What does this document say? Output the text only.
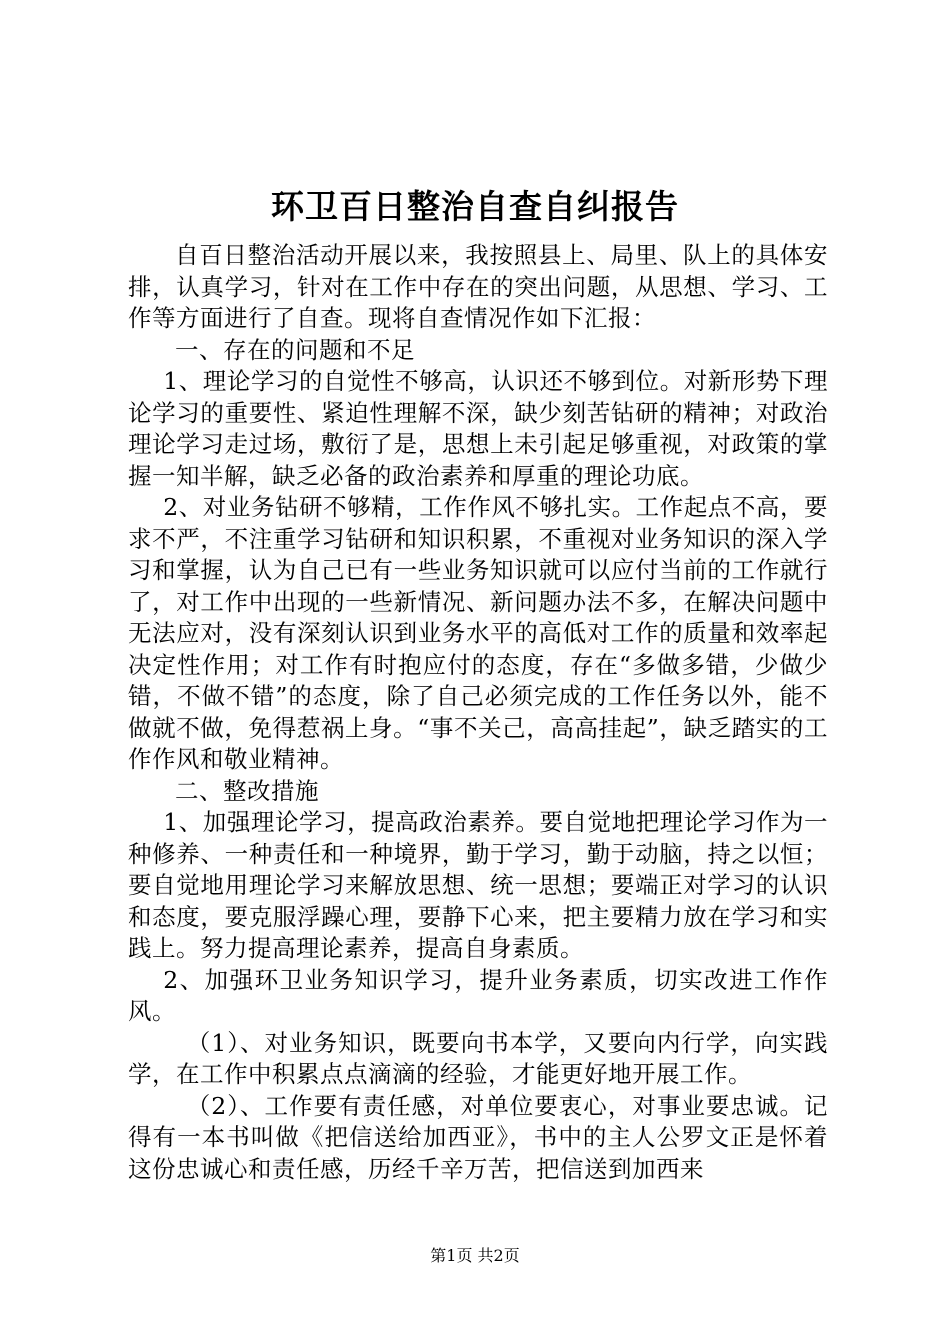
环卫百日整治自查自纠报告

自百日整治活动开展以来，我按照县上、局里、队上的具体安排，认真学习，针对在工作中存在的突出问题，从思想、学习、工作等方面进行了自查。现将自查情况作如下汇报：

一、存在的问题和不足

1、理论学习的自觉性不够高，认识还不够到位。对新形势下理论学习的重要性、紧迫性理解不深，缺少刻苦钻研的精神；对政治理论学习走过场，敷衍了是，思想上未引起足够重视，对政策的掌握一知半解，缺乏必备的政治素养和厚重的理论功底。

2、对业务钻研不够精，工作作风不够扎实。工作起点不高，要求不严，不注重学习钻研和知识积累，不重视对业务知识的深入学习和掌握，认为自己已有一些业务知识就可以应付当前的工作就行了，对工作中出现的一些新情况、新问题办法不多，在解决问题中无法应对，没有深刻认识到业务水平的高低对工作的质量和效率起决定性作用；对工作有时抱应付的态度，存在“多做多错，少做少错，不做不错”的态度，除了自己必须完成的工作任务以外，能不做就不做，免得惹祸上身。“事不关己，高高挂起”，缺乏踏实的工作作风和敬业精神。

二、整改措施

1、加强理论学习，提高政治素养。要自觉地把理论学习作为一种修养、一种责任和一种境界，勤于学习，勤于动脑，持之以恒；要自觉地用理论学习来解放思想、统一思想；要端正对学习的认识和态度，要克服浮躁心理，要静下心来，把主要精力放在学习和实践上。努力提高理论素养，提高自身素质。

2、加强环卫业务知识学习，提升业务素质，切实改进工作作风。

（1）、对业务知识，既要向书本学，又要向内行学，向实践学，在工作中积累点点滴滴的经验，才能更好地开展工作。

（2）、工作要有责任感，对单位要衷心，对事业要忠诚。记得有一本书叫做《把信送给加西亚》，书中的主人公罗文正是怀着这份忠诚心和责任感，历经千辛万苦，把信送到加西来

第1页 共2页
